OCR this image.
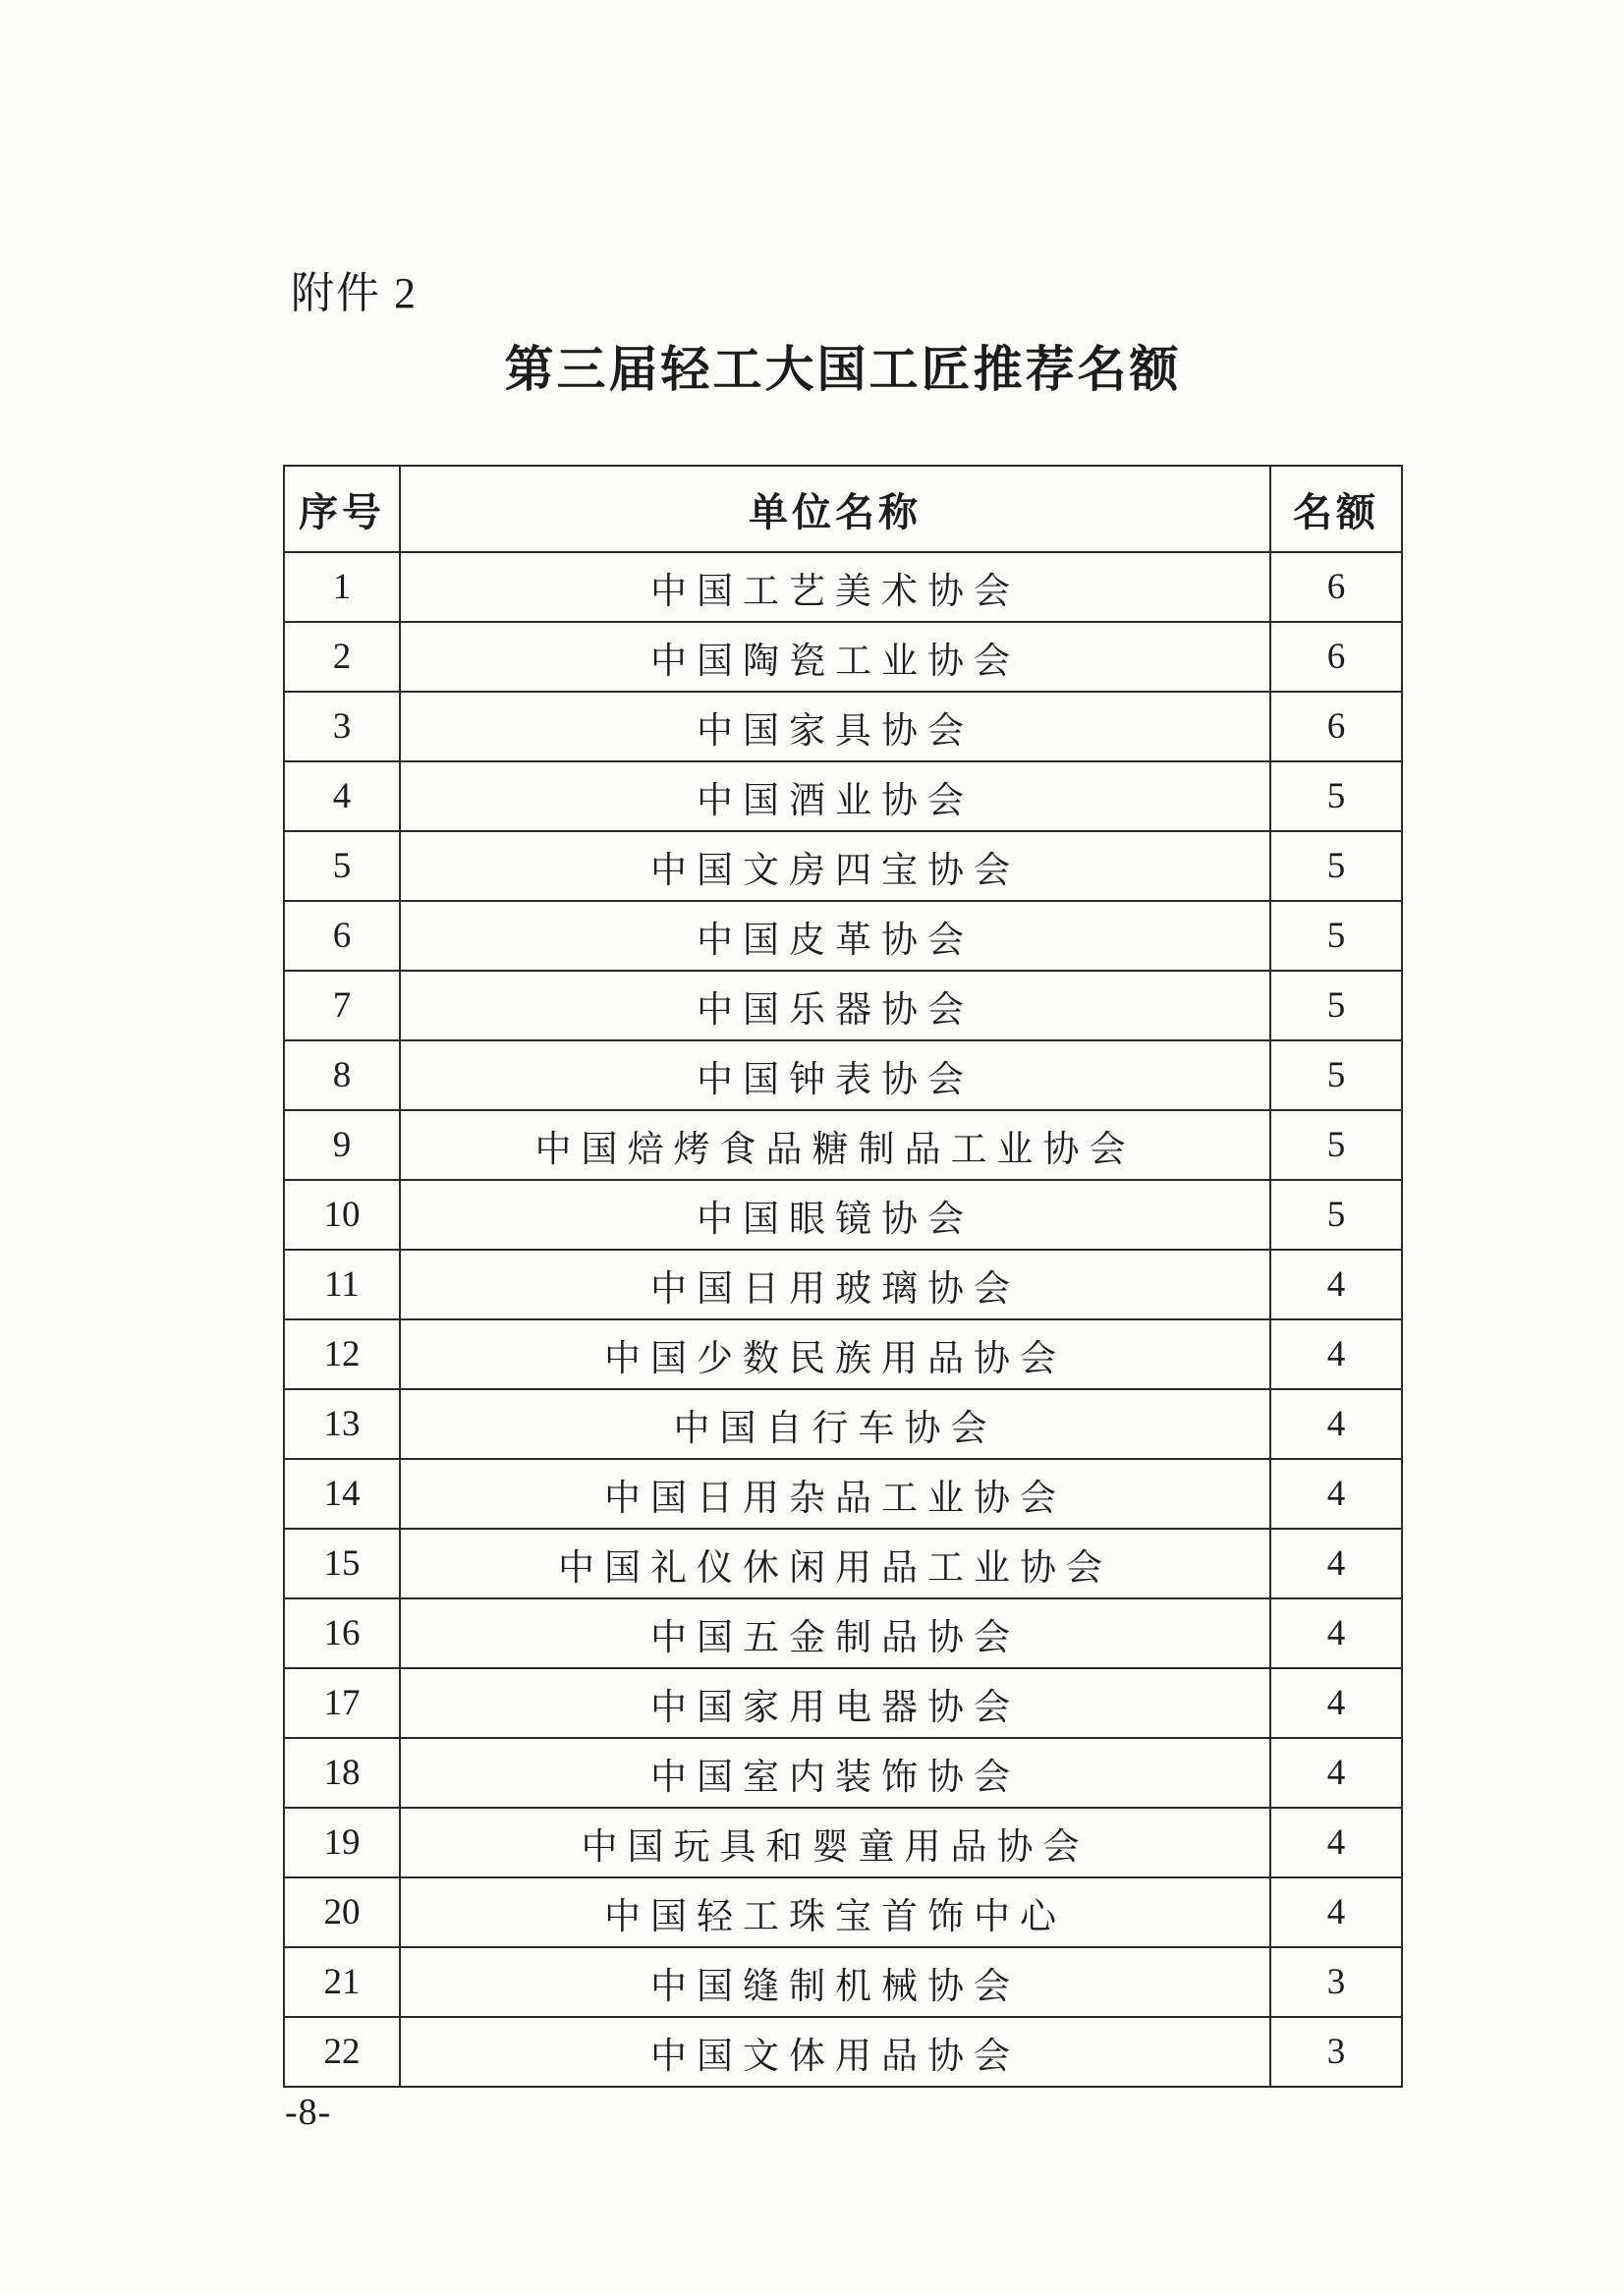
附件 2
第三届轻工大国工匠推荐名额
序号	单位名称	名额
1	中国工艺美术协会	6
2	中国陶瓷工业协会	6
3	中国家具协会	6
4	中国酒业协会	5
5	中国文房四宝协会	5
6	中国皮革协会	5
7	中国乐器协会	5
8	中国钟表协会	5
9	中国焙烤食品糖制品工业协会	5
10	中国眼镜协会	5
11	中国日用玻璃协会	4
12	中国少数民族用品协会	4
13	中国自行车协会	4
14	中国日用杂品工业协会	4
15	中国礼仪休闲用品工业协会	4
16	中国五金制品协会	4
17	中国家用电器协会	4
18	中国室内装饰协会	4
19	中国玩具和婴童用品协会	4
20	中国轻工珠宝首饰中心	4
21	中国缝制机械协会	3
22	中国文体用品协会	3
-8-
